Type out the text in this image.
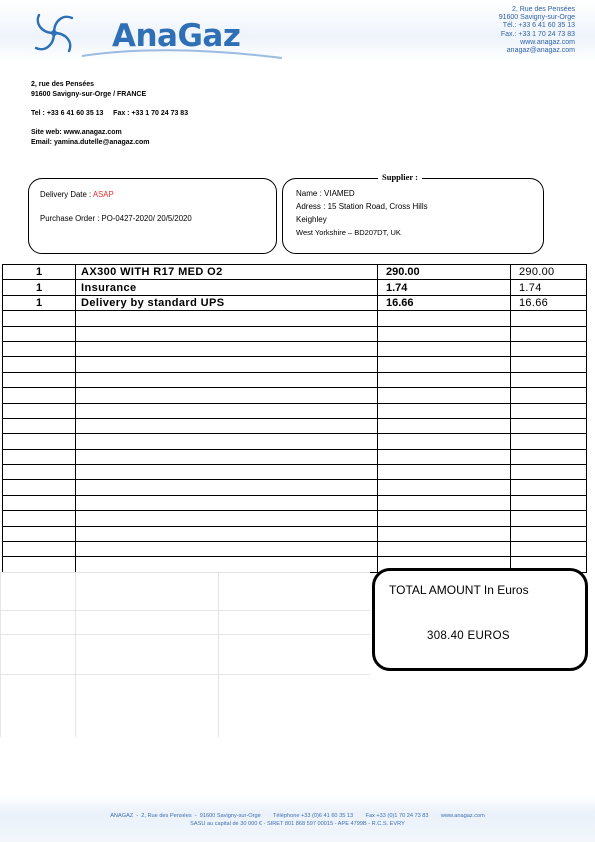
AnaGaz
2, Rue des Pensées
91600 Savigny-sur-Orge
Tél.: +33 6 41 60 35 13
Fax.: +33 1 70 24 73 83
www.anagaz.com
anagaz@anagaz.com
2, rue des Pensées
91600 Savigny-sur-Orge / FRANCE
Tel : +33 6 41 60 35 13     Fax : +33 1 70 24 73 83
Site web: www.anagaz.com
Email: yamina.dutelle@anagaz.com
Delivery Date : ASAP
Purchase Order : PO-0427-2020/ 20/5/2020
Supplier :
Name : VIAMED
Adress : 15 Station Road, Cross Hills
Keighley
West Yorkshire – BD207DT, UK
1	AX300 WITH R17 MED O2	290.00	290.00
1	Insurance	1.74	1.74
1	Delivery by standard UPS	16.66	16.66

TOTAL AMOUNT In Euros
308.40 EUROS
ANAGAZ  -  2, Rue des Pensées  -  91600 Savigny-sur-Orge        Téléphone +33 (0)6 41 60 35 13        Fax +33 (0)1 70 24 73 83        www.anagaz.com
SASU au capital de 30 000 € - SIRET 801 868 597 00015 - APE 4799B - R.C.S. EVRY
